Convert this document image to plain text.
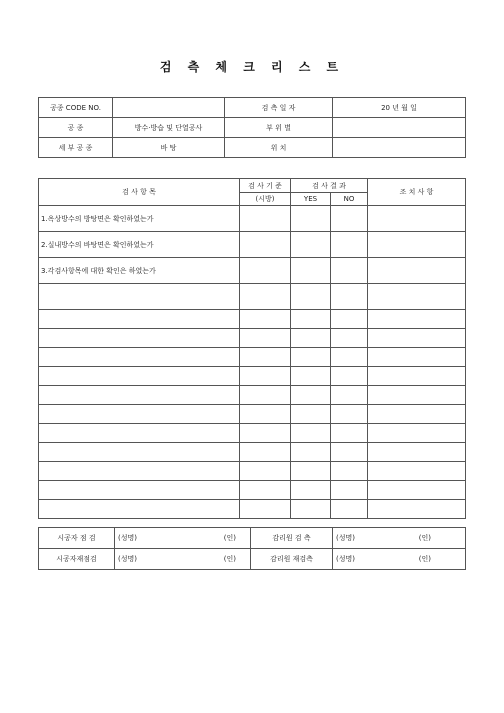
검 측 체 크 리 스 트
공종 CODE NO.		검 측 일 자	20 년 월 일
공 종	방수·방습 및 단열공사	부 위 별	
세 부 공 종	바 탕	위 치	
검 사 항 목	검 사 기 준	검 사 결 과		조 치 사 항
	(시방)	YES	NO	
1.옥상방수의 방탕면은 확인하였는가				
2.실내방수의 바탕면은 확인하였는가				
3.각검사항목에 대한 확인은 하였는가				

시공자 점 검	(성명) (인)	감리원 검 측	(성명) (인)

시공자재점검	(성명) (인)	감리원 재검측	(성명) (인)
